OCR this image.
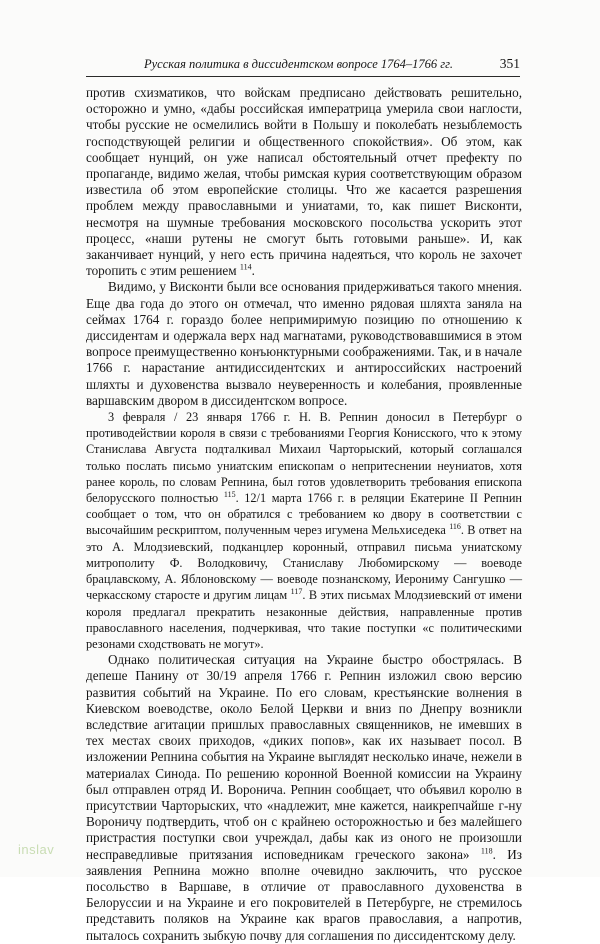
Русская политика в диссидентском вопросе 1764–1766 гг.	351

против схизматиков, что войскам предписано действовать решительно, осторожно и умно, «дабы российская императрица умерила свои наглости, чтобы русские не осмелились войти в Польшу и поколебать незыблемость господствующей религии и общественного спокойствия». Об этом, как сообщает нунций, он уже написал обстоятельный отчет префекту по пропаганде, видимо желая, чтобы римская курия соответствующим образом известила об этом европейские столицы. Что же касается разрешения проблем между православными и униатами, то, как пишет Висконти, несмотря на шумные требования московского посольства ускорить этот процесс, «наши рутены не смогут быть готовыми раньше». И, как заканчивает нунций, у него есть причина надеяться, что король не захочет торопить с этим решением $^{114}$.

Видимо, у Висконти были все основания придерживаться такого мнения. Еще два года до этого он отмечал, что именно рядовая шляхта заняла на сеймах 1764 г. гораздо более непримиримую позицию по отношению к диссидентам и одержала верх над магнатами, руководствовавшимися в этом вопросе преимущественно конъюнктурными соображениями. Так, и в начале 1766 г. нарастание антидиссидентских и антироссийских настроений шляхты и духовенства вызвало неуверенность и колебания, проявленные варшавским двором в диссидентском вопросе.

3 февраля / 23 января 1766 г. Н. В. Репнин доносил в Петербург о противодействии короля в связи с требованиями Георгия Конисского, что к этому Станислава Августа подталкивал Михаил Чарторыский, который соглашался только послать письмо униатским епископам о непритеснении неуниатов, хотя ранее король, по словам Репнина, был готов удовлетворить требования епископа белорусского полностью $^{115}$. 12/1 марта 1766 г. в реляции Екатерине II Репнин сообщает о том, что он обратился с требованием ко двору в соответствии с высочайшим рескриптом, полученным через игумена Мельхиседека $^{116}$. В ответ на это А. Млодзиевский, подканцлер коронный, отправил письма униатскому митрополиту Ф. Володковичу, Станиславу Любомирскому — воеводе брацлавскому, А. Яблоновскому — воеводе познанскому, Иерониму Сангушко — черкасскому старосте и другим лицам $^{117}$. В этих письмах Млодзиевский от имени короля предлагал прекратить незаконные действия, направленные против православного населения, подчеркивая, что такие поступки «с политическими резонами сходствовать не могут».

Однако политическая ситуация на Украине быстро обострялась. В депеше Панину от 30/19 апреля 1766 г. Репнин изложил свою версию развития событий на Украине. По его словам, крестьянские волнения в Киевском воеводстве, около Белой Церкви и вниз по Днепру возникли вследствие агитации пришлых православных священников, не имевших в тех местах своих приходов, «диких попов», как их называет посол. В изложении Репнина события на Украине выглядят несколько иначе, нежели в материалах Синода. По решению коронной Военной комиссии на Украину был отправлен отряд И. Воронича. Репнин сообщает, что объявил королю в присутствии Чарторыских, что «надлежит, мне кажется, наикрепчайше г-ну Вороничу подтвердить, чтоб он с крайнею осторожностью и без малейшего пристрастия поступки свои учреждал, дабы как из оного не произошли несправедливые притязания исповедникам греческого закона» $^{118}$. Из заявления Репнина можно вполне очевидно заключить, что русское посольство в Варшаве, в отличие от православного духовенства в Белоруссии и на Украине и его покровителей в Петербурге, не стремилось представить поляков на Украине как врагов православия, а напротив, пыталось сохранить зыбкую почву для соглашения по диссидентскому делу.

inslav
